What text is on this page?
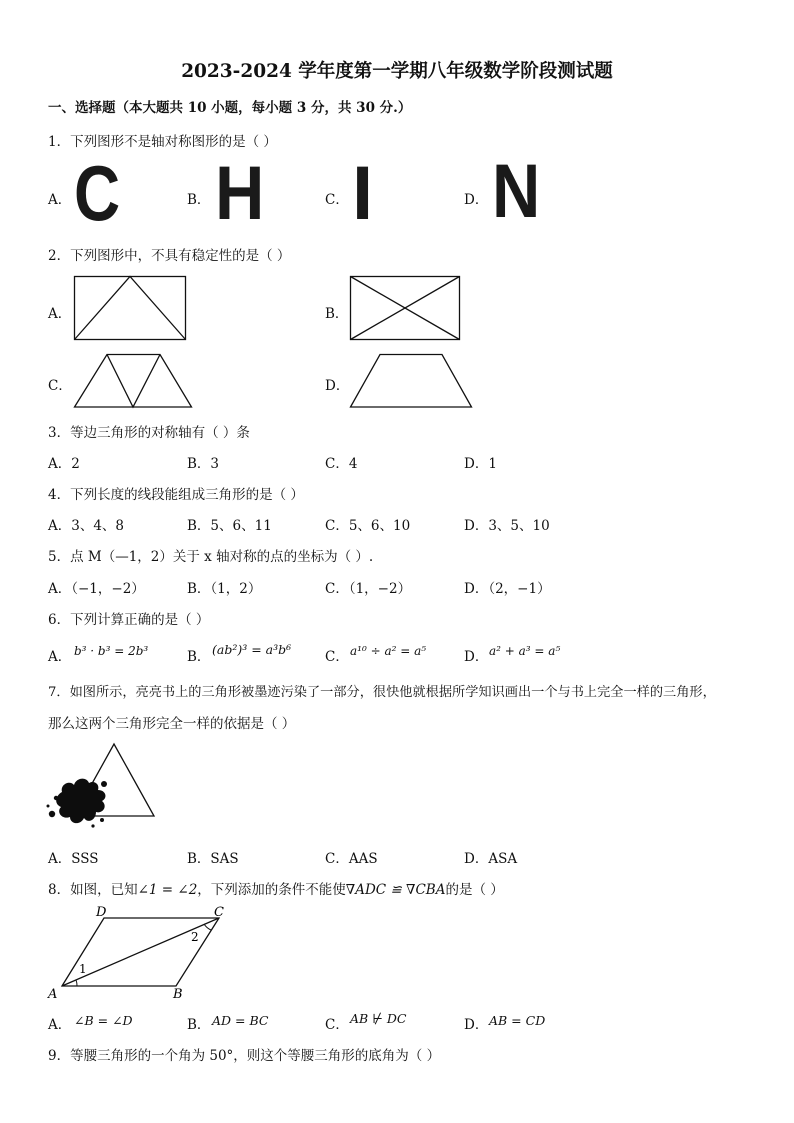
2023-2024 学年度第一学期八年级数学阶段测试题
一、选择题（本大题共 10 小题，每小题 3 分，共 30 分.）
1．下列图形不是轴对称图形的是（ ）
A． C	B． H	C． I	D． N
2．下列图形中，不具有稳定性的是（ ）
A．	B．
C．	D．
3．等边三角形的对称轴有（ ）条
A．2	B．3	C．4	D．1
4．下列长度的线段能组成三角形的是（ ）
A．3、4、8	B．5、6、11	C．5、6、10	D．3、5、10
5．点 M（—1，2）关于 x 轴对称的点的坐标为（ ）.
A．（−1，−2）	B．（1，2）	C．（1，−2）	D．（2，−1）
6．下列计算正确的是（ ）
A． b³ · b³ = 2b³	B． (ab²)³ = a³b⁶	C． a¹⁰ ÷ a² = a⁵	D． a² + a³ = a⁵
7．如图所示，亮亮书上的三角形被墨迹污染了一部分，很快他就根据所学知识画出一个与书上完全一样的三角形，
那么这两个三角形完全一样的依据是（ ）
A．SSS	B．SAS	C．AAS	D．ASA
8．如图，已知∠1 = ∠2，下列添加的条件不能使∇ADC ≌ ∇CBA的是（ ）
A	B
C
D
1
2
A． ∠B = ∠D	B． AD = BC	C． AB ⊬ DC	D． AB = CD
9．等腰三角形的一个角为 50°，则这个等腰三角形的底角为（ ）
